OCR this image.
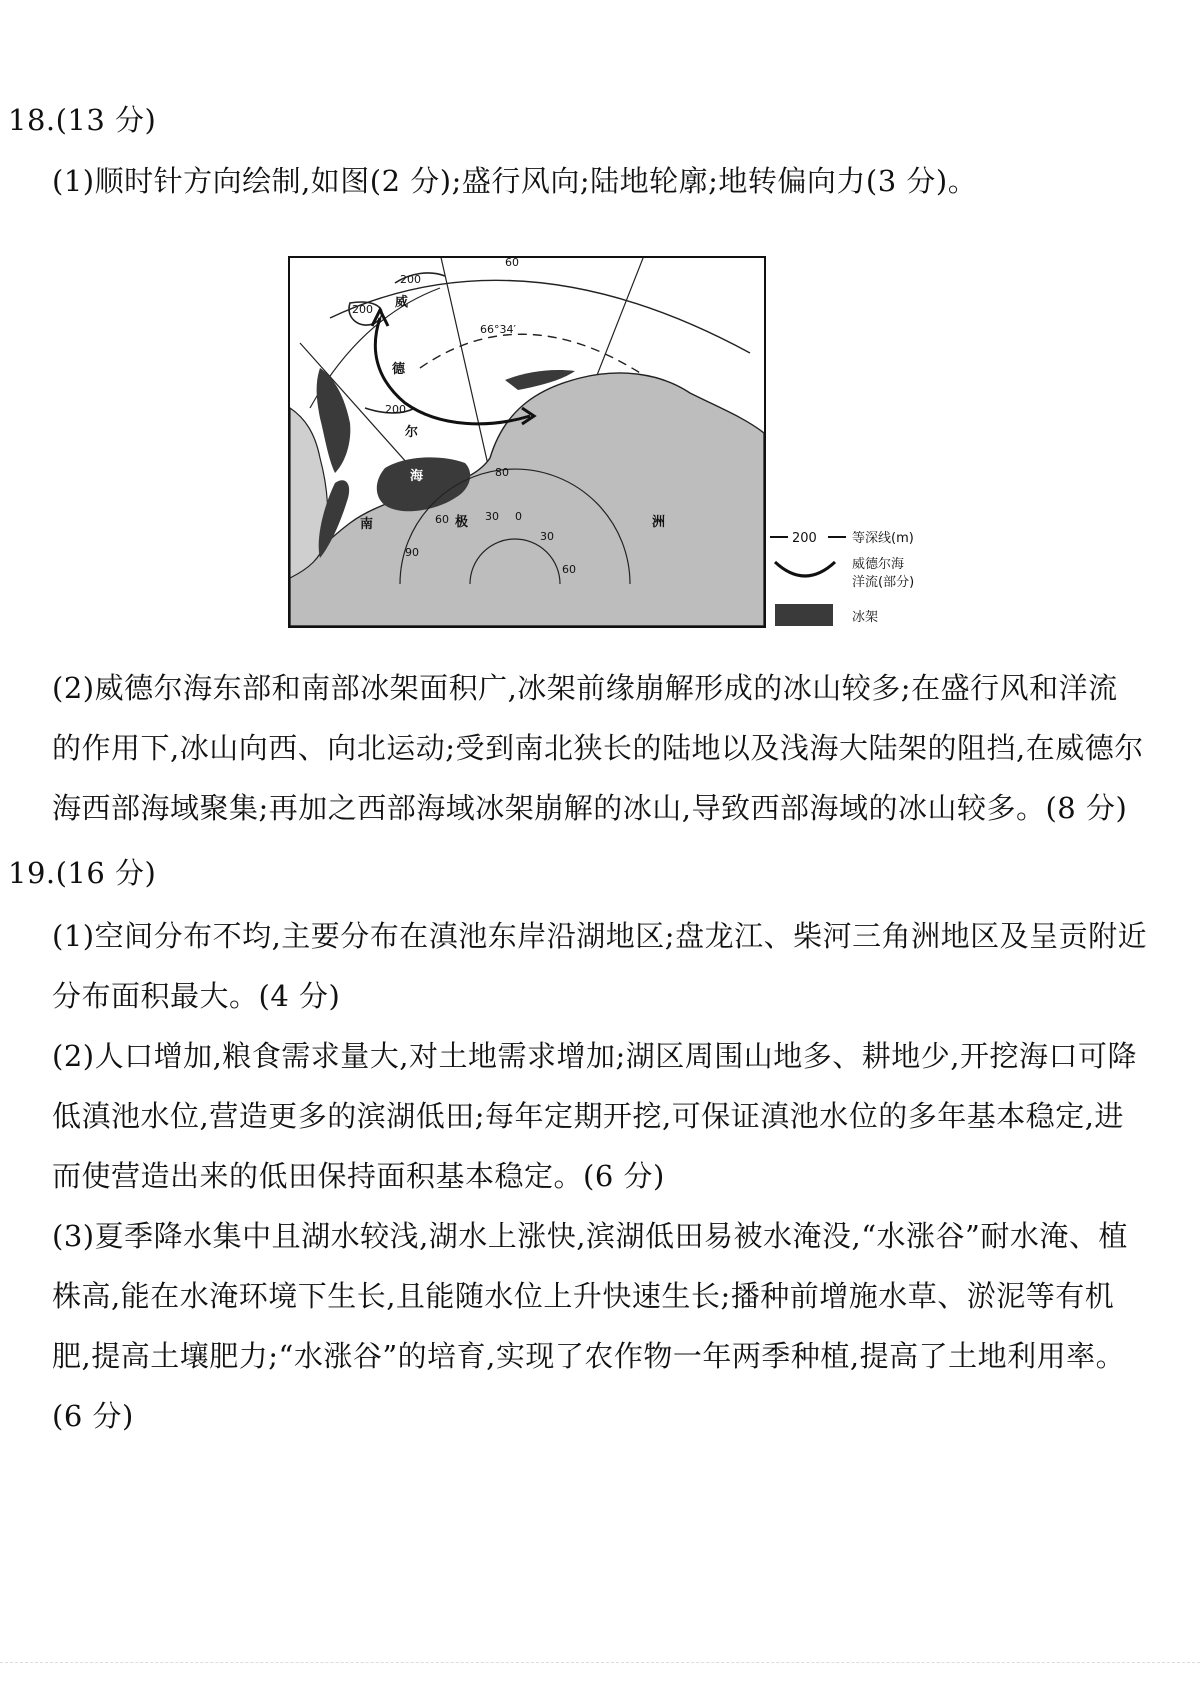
18.(13 分)
(1)顺时针方向绘制,如图(2 分);盛行风向;陆地轮廓;地转偏向力(3 分)。
60
200
200
200
66°34′
80
30 0
60
90
30
60
威
德
尔
海
南	极	洲
200	等深线(m)
威德尔海
洋流(部分)
冰架
(2)威德尔海东部和南部冰架面积广,冰架前缘崩解形成的冰山较多;在盛行风和洋流
的作用下,冰山向西、向北运动;受到南北狭长的陆地以及浅海大陆架的阻挡,在威德尔
海西部海域聚集;再加之西部海域冰架崩解的冰山,导致西部海域的冰山较多。(8 分)
19.(16 分)
(1)空间分布不均,主要分布在滇池东岸沿湖地区;盘龙江、柴河三角洲地区及呈贡附近
分布面积最大。(4 分)
(2)人口增加,粮食需求量大,对土地需求增加;湖区周围山地多、耕地少,开挖海口可降
低滇池水位,营造更多的滨湖低田;每年定期开挖,可保证滇池水位的多年基本稳定,进
而使营造出来的低田保持面积基本稳定。(6 分)
(3)夏季降水集中且湖水较浅,湖水上涨快,滨湖低田易被水淹没,“水涨谷”耐水淹、植
株高,能在水淹环境下生长,且能随水位上升快速生长;播种前增施水草、淤泥等有机
肥,提高土壤肥力;“水涨谷”的培育,实现了农作物一年两季种植,提高了土地利用率。
(6 分)
